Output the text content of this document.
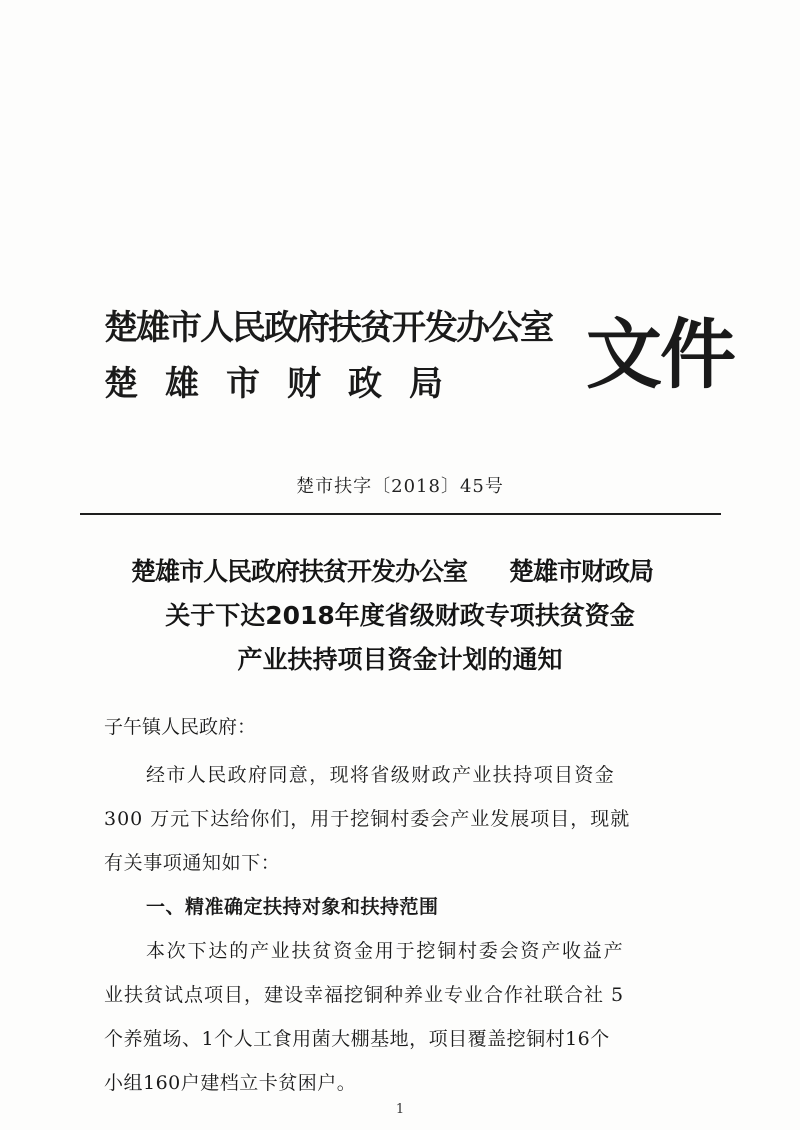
楚雄市人民政府扶贫开发办公室
楚雄市财政局 文件
楚市扶字〔2018〕45号
楚雄市人民政府扶贫开发办公室 楚雄市财政局
关于下达2018年度省级财政专项扶贫资金
产业扶持项目资金计划的通知
子午镇人民政府：
经市人民政府同意，现将省级财政产业扶持项目资金
300 万元下达给你们，用于挖铜村委会产业发展项目，现就
有关事项通知如下：
一、精准确定扶持对象和扶持范围
本次下达的产业扶贫资金用于挖铜村委会资产收益产
业扶贫试点项目，建设幸福挖铜种养业专业合作社联合社 5
个养殖场、1个人工食用菌大棚基地，项目覆盖挖铜村16个
小组160户建档立卡贫困户。
1
